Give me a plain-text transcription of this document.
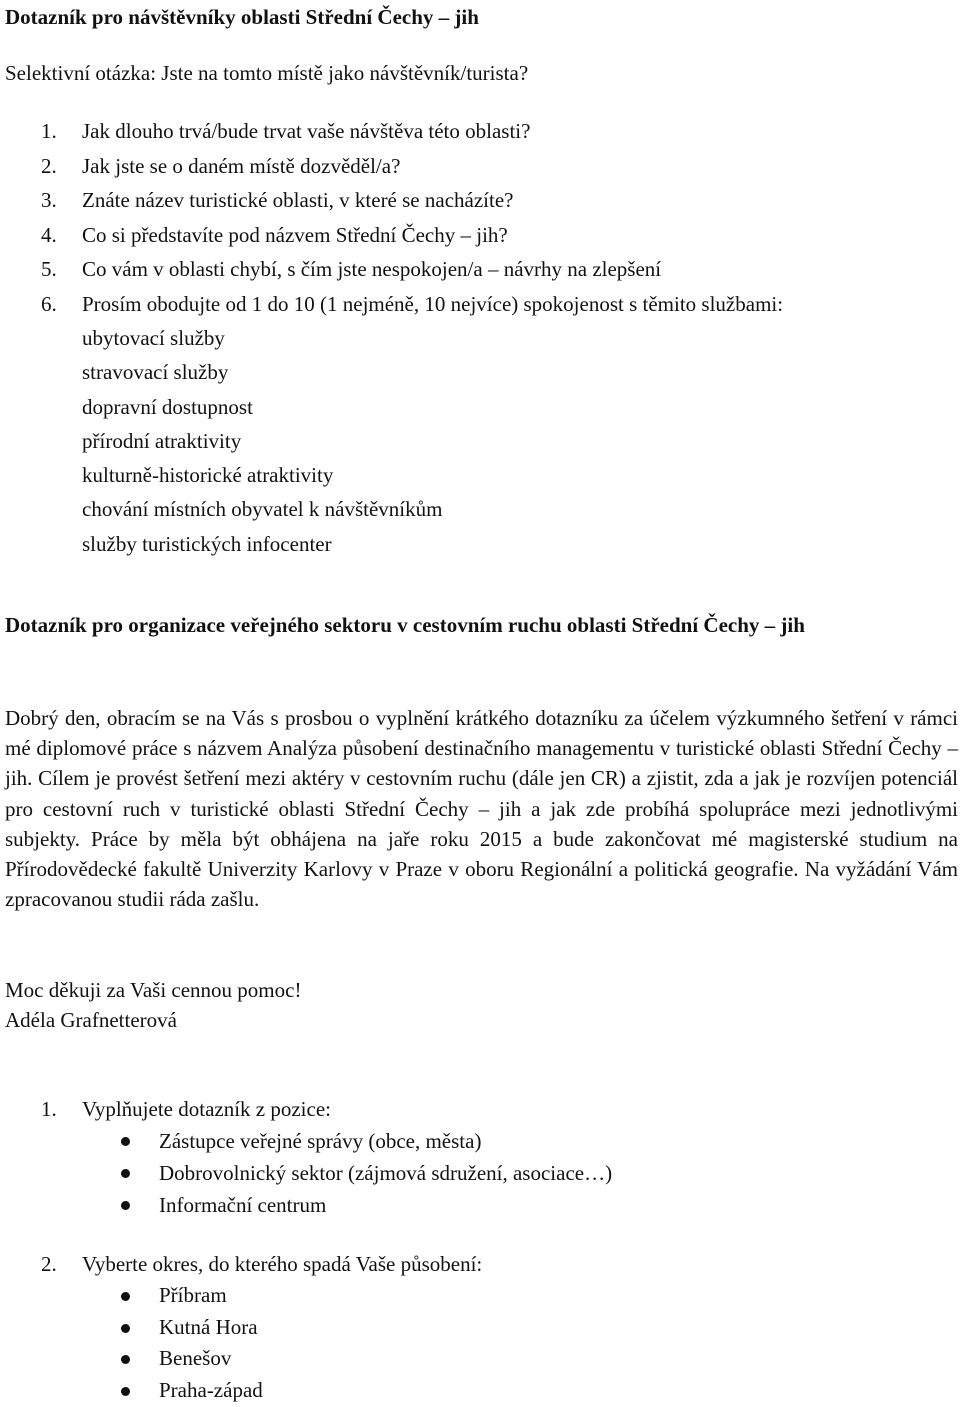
Dotazník pro návštěvníky oblasti Střední Čechy – jih
Selektivní otázka: Jste na tomto místě jako návštěvník/turista?
1. Jak dlouho trvá/bude trvat vaše návštěva této oblasti?
2. Jak jste se o daném místě dozvěděl/a?
3. Znáte název turistické oblasti, v které se nacházíte?
4. Co si představíte pod názvem Střední Čechy – jih?
5. Co vám v oblasti chybí, s čím jste nespokojen/a – návrhy na zlepšení
6. Prosím obodujte od 1 do 10 (1 nejméně, 10 nejvíce) spokojenost s těmito službami:
ubytovací služby
stravovací služby
dopravní dostupnost
přírodní atraktivity
kulturně-historické atraktivity
chování místních obyvatel k návštěvníkům
služby turistických infocenter
Dotazník pro organizace veřejného sektoru v cestovním ruchu oblasti Střední Čechy – jih

Dobrý den, obracím se na Vás s prosbou o vyplnění krátkého dotazníku za účelem výzkumného šetření v rámci mé diplomové práce s názvem Analýza působení destinačního managementu v turistické oblasti Střední Čechy – jih. Cílem je provést šetření mezi aktéry v cestovním ruchu (dále jen CR) a zjistit, zda a jak je rozvíjen potenciál pro cestovní ruch v turistické oblasti Střední Čechy – jih a jak zde probíhá spolupráce mezi jednotlivými subjekty. Práce by měla být obhájena na jaře roku 2015 a bude zakončovat mé magisterské studium na Přírodovědecké fakultě Univerzity Karlovy v Praze v oboru Regionální a politická geografie. Na vyžádání Vám zpracovanou studii ráda zašlu.

Moc děkuji za Vaši cennou pomoc!
Adéla Grafnetterová
1. Vyplňujete dotazník z pozice:
Zástupce veřejné správy (obce, města)
Dobrovolnický sektor (zájmová sdružení, asociace…)
Informační centrum
2. Vyberte okres, do kterého spadá Vaše působení:
Příbram
Kutná Hora
Benešov
Praha-západ
